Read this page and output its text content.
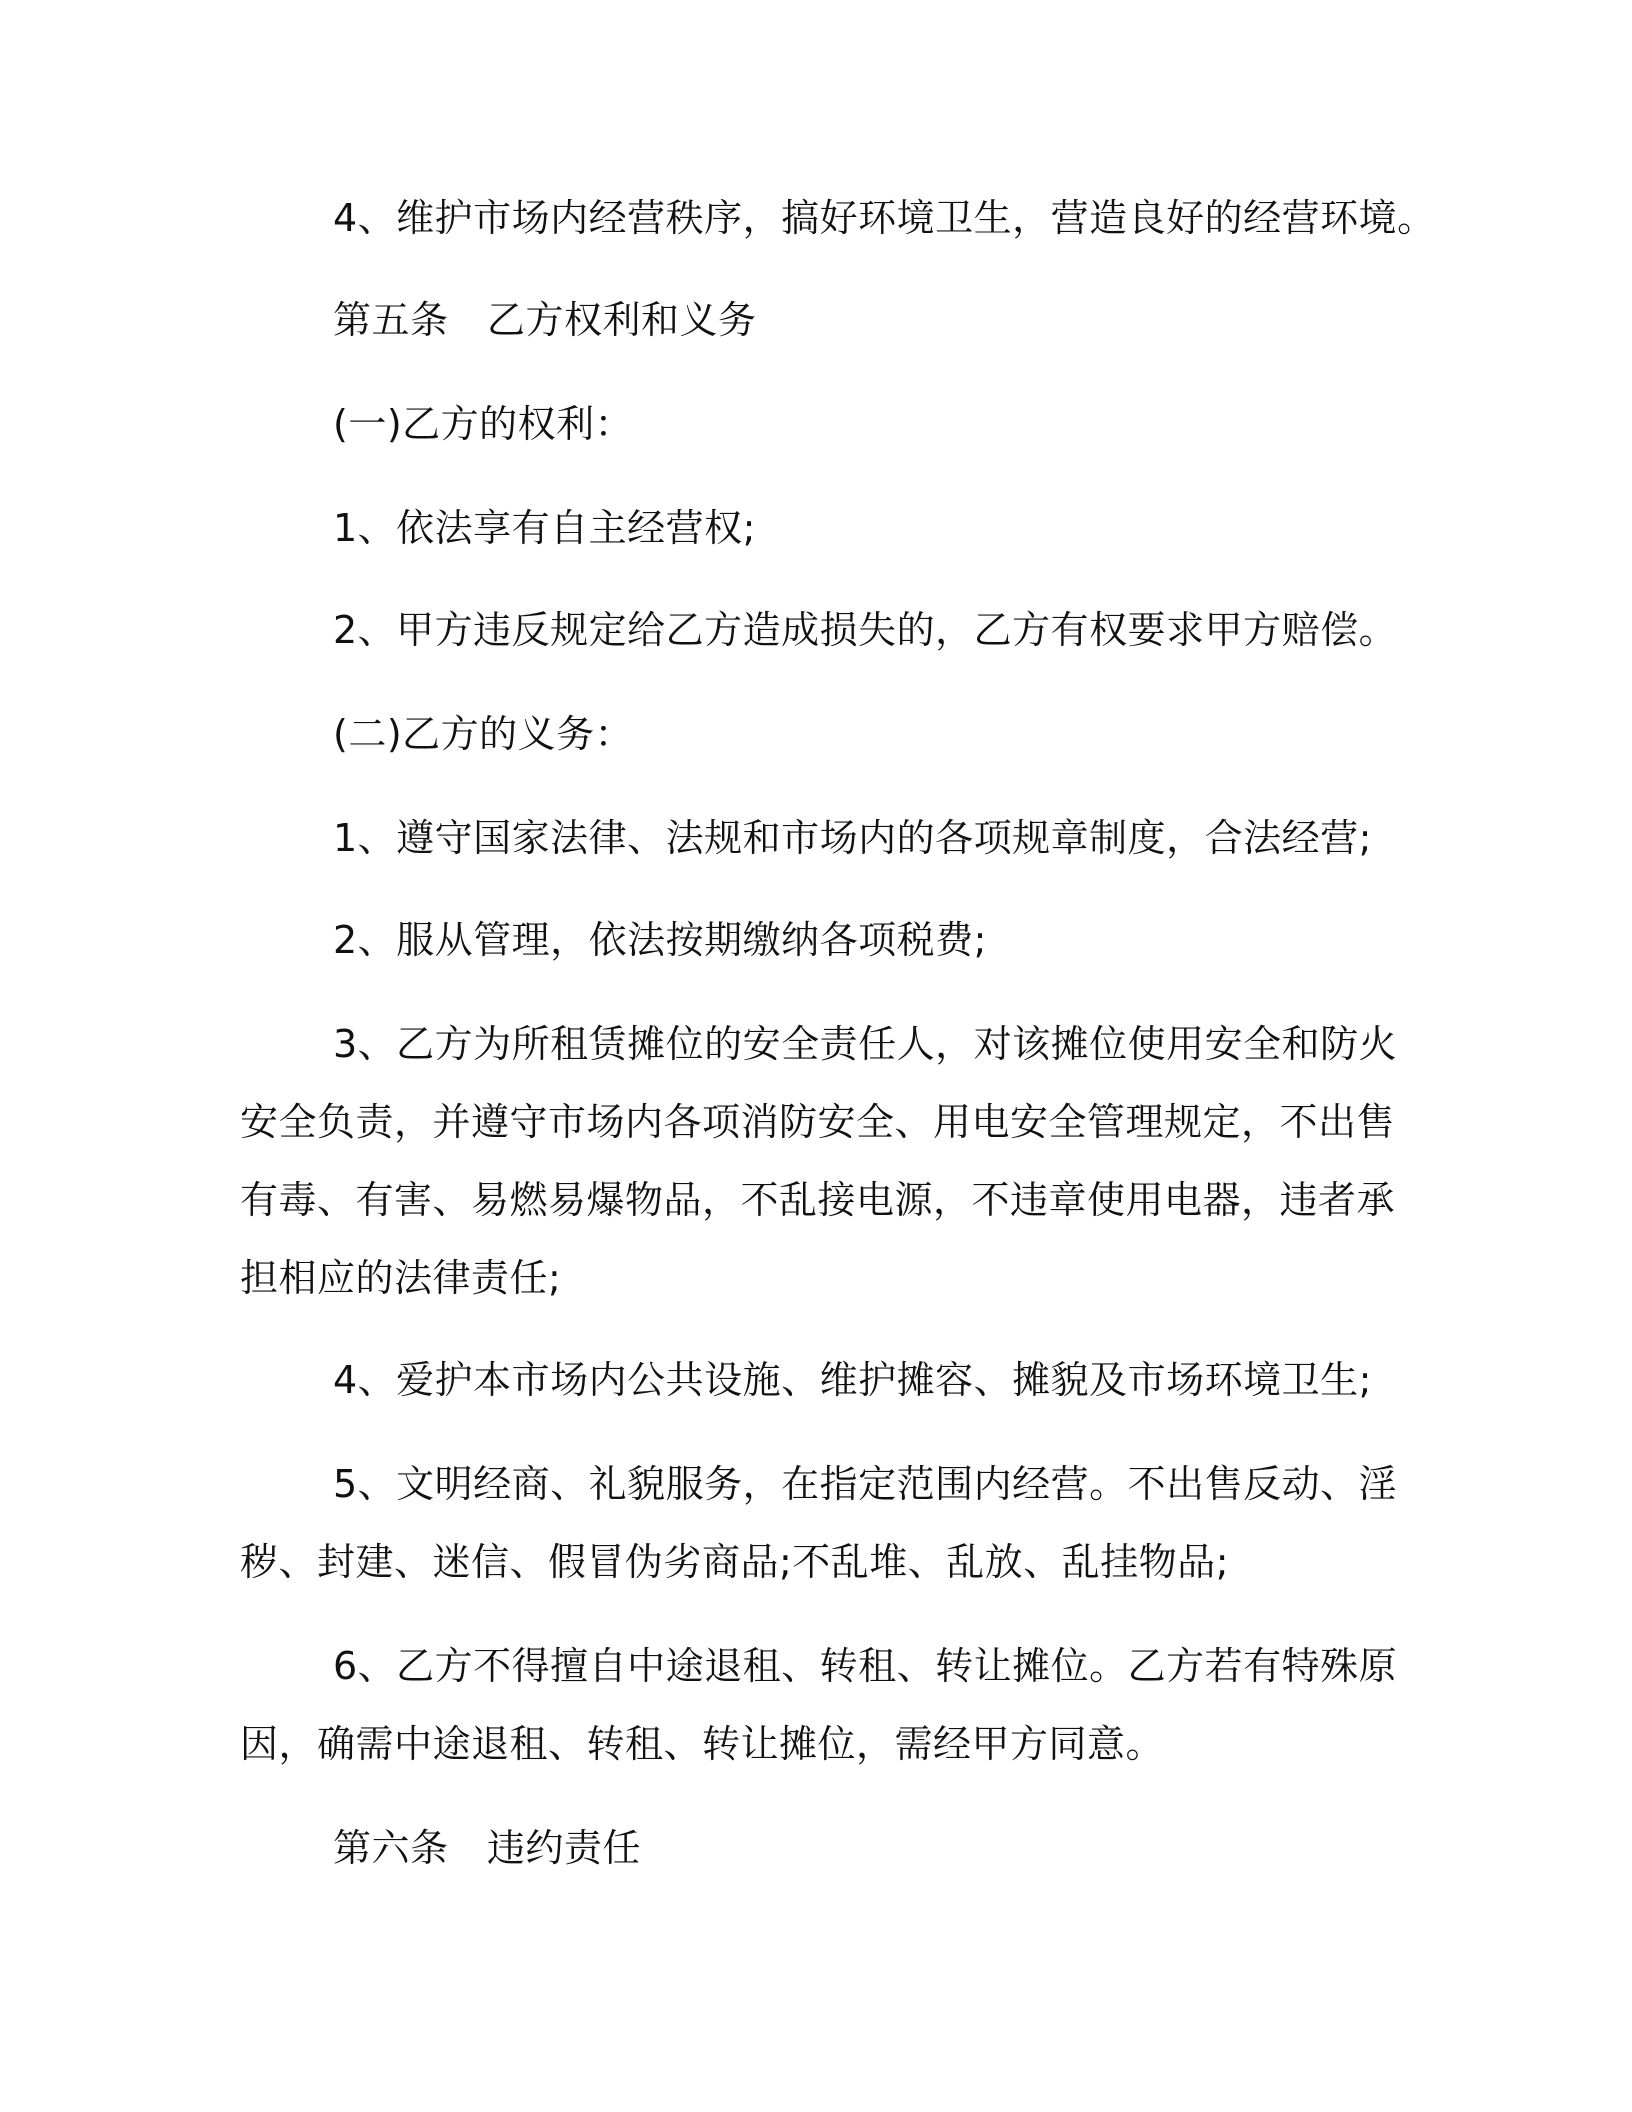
4、维护市场内经营秩序，搞好环境卫生，营造良好的经营环境。
第五条　乙方权利和义务
(一)乙方的权利：
1、依法享有自主经营权;
2、甲方违反规定给乙方造成损失的，乙方有权要求甲方赔偿。
(二)乙方的义务：
1、遵守国家法律、法规和市场内的各项规章制度，合法经营;
2、服从管理，依法按期缴纳各项税费;
3、乙方为所租赁摊位的安全责任人，对该摊位使用安全和防火
安全负责，并遵守市场内各项消防安全、用电安全管理规定，不出售
有毒、有害、易燃易爆物品，不乱接电源，不违章使用电器，违者承
担相应的法律责任;
4、爱护本市场内公共设施、维护摊容、摊貌及市场环境卫生;
5、文明经商、礼貌服务，在指定范围内经营。不出售反动、淫
秽、封建、迷信、假冒伪劣商品;不乱堆、乱放、乱挂物品;
6、乙方不得擅自中途退租、转租、转让摊位。乙方若有特殊原
因，确需中途退租、转租、转让摊位，需经甲方同意。
第六条　违约责任
